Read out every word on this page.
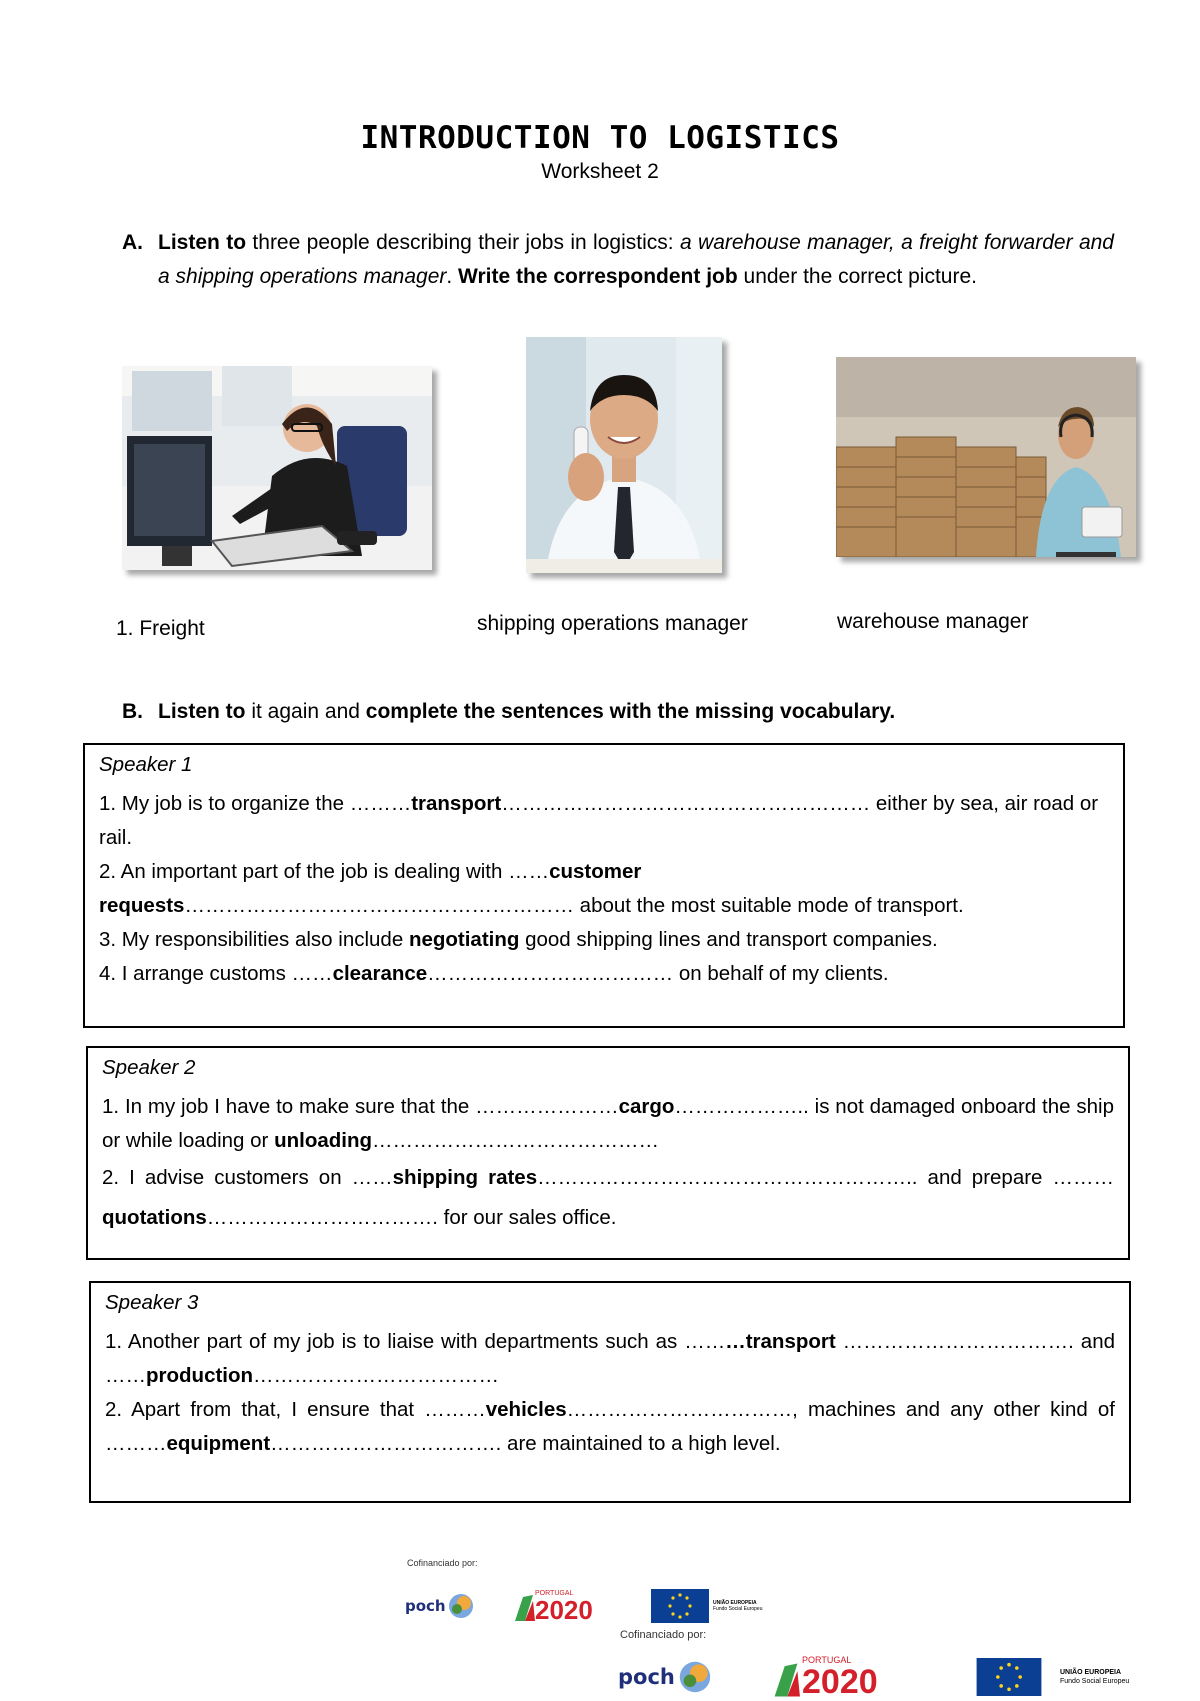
INTRODUCTION TO LOGISTICS
Worksheet 2
A. Listen to three people describing their jobs in logistics: a warehouse manager, a freight forwarder and a shipping operations manager. Write the correspondent job under the correct picture.
1. Freight	shipping operations manager	warehouse manager
B. Listen to it again and complete the sentences with the missing vocabulary.
Speaker 1

1. My job is to organize the ………transport……………………………………………… either by sea, air road or rail.

2. An important part of the job is dealing with ……customer requests………………………………………………… about the most suitable mode of transport.

3. My responsibilities also include negotiating good shipping lines and transport companies.

4. I arrange customs ……clearance……………………………… on behalf of my clients.

Speaker 2

1. In my job I have to make sure that the …………………cargo……………….. is not damaged onboard the ship or while loading or unloading……………………………………

2. I advise customers on ……shipping rates……………………………………………….. and prepare ………quotations……………………………. for our sales office.

Speaker 3

1. Another part of my job is to liaise with departments such as ………transport ……………………………. and ……production………………………………

2. Apart from that, I ensure that ………vehicles……………………………, machines and any other kind of ………equipment……………………………. are maintained to a high level.

Cofinanciado por:
poch
PORTUGAL
2020	UNIÃO EUROPEIA
Fundo Social Europeu
Cofinanciado por:
poch
PORTUGAL
2020	UNIÃO EUROPEIA
Fundo Social Europeu
